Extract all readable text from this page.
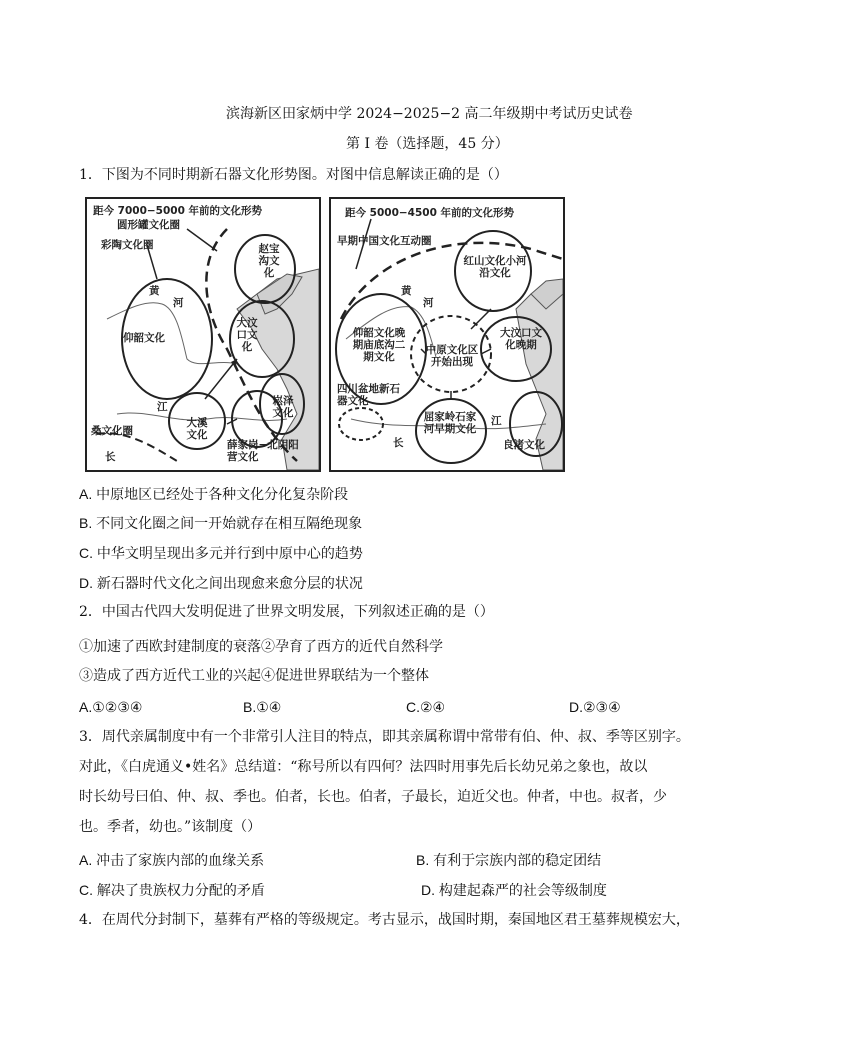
滨海新区田家炳中学 2024−2025−2 高二年级期中考试历史试卷
第 I 卷（选择题，45 分）
1．下图为不同时期新石器文化形势图。对图中信息解读正确的是（）
距今 7000−5000 年前的文化形势
圆形罐文化圈
彩陶文化圈	赵宝沟文化
黄
河
仰韶文化
大汶口文化
江
大溪文化
崧泽文化
薛家岗−北阴阳营文化
桑文化圈
长
距今 5000−4500 年前的文化形势
早期中国文化互动圈
红山文化小河沿文化
黄
河
仰韶文化晚期庙底沟二期文化
中原文化区开始出现
大汶口文化晚期
四川盆地新石器文化
屈家岭石家河早期文化
江
长	良渚文化
A. 中原地区已经处于各种文化分化复杂阶段
B. 不同文化圈之间一开始就存在相互隔绝现象
C. 中华文明呈现出多元并行到中原中心的趋势
D. 新石器时代文化之间出现愈来愈分层的状况
2．中国古代四大发明促进了世界文明发展，下列叙述正确的是（）
①加速了西欧封建制度的衰落②孕育了西方的近代自然科学
③造成了西方近代工业的兴起④促进世界联结为一个整体
A.①②③④	B.①④	C.②④	D.②③④
3．周代亲属制度中有一个非常引人注目的特点，即其亲属称谓中常带有伯、仲、叔、季等区别字。
对此，《白虎通义•姓名》总结道：“称号所以有四何？法四时用事先后长幼兄弟之象也，故以
时长幼号曰伯、仲、叔、季也。伯者，长也。伯者，子最长，迫近父也。仲者，中也。叔者，少
也。季者，幼也。”该制度（）
A. 冲击了家族内部的血缘关系	B. 有利于宗族内部的稳定团结
C. 解决了贵族权力分配的矛盾	D. 构建起森严的社会等级制度
4．在周代分封制下，墓葬有严格的等级规定。考古显示，战国时期，秦国地区君王墓葬规模宏大，
